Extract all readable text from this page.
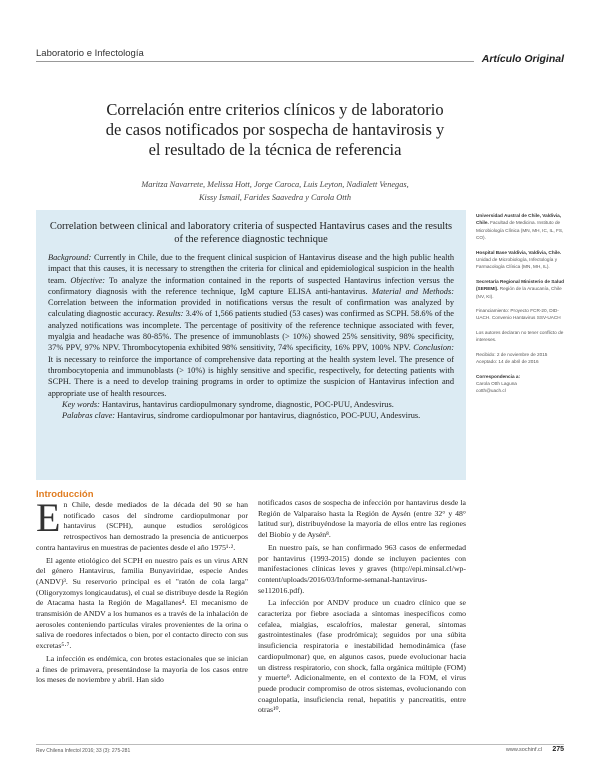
Laboratorio e Infectología	Artículo Original
Correlación entre criterios clínicos y de laboratorio
de casos notificados por sospecha de hantavirosis y
el resultado de la técnica de referencia
Maritza Navarrete, Melissa Hott, Jorge Caroca, Luis Leyton, Nadialett Venegas,
Kissy Ismail, Farides Saavedra y Carola Otth
Correlation between clinical and laboratory criteria of suspected Hantavirus cases and the results of the reference diagnostic technique
Background: Currently in Chile, due to the frequent clinical suspicion of Hantavirus disease and the high public health impact that this causes, it is necessary to strengthen the criteria for clinical and epidemiological suspicion in the health team. Objective: To analyze the information contained in the reports of suspected Hantavirus infection versus the confirmatory diagnosis with the reference technique, IgM capture ELISA anti-hantavirus. Material and Methods: Correlation between the information provided in notifications versus the result of confirmation was analyzed by calculating diagnostic accuracy. Results: 3.4% of 1,566 patients studied (53 cases) was confirmed as SCPH. 58.6% of the analyzed notifications was incomplete. The percentage of positivity of the reference technique associated with fever, myalgia and headache was 80-85%. The presence of immunoblasts (> 10%) showed 25% sensitivity, 98% specificity, 37% PPV, 97% NPV. Thrombocytopenia exhibited 98% sensitivity, 74% specificity, 16% PPV, 100% NPV. Conclusion: It is necessary to reinforce the importance of comprehensive data reporting at the health system level. The presence of thrombocytopenia and immunoblasts (> 10%) is highly sensitive and specific, respectively, for detecting patients with SCPH. There is a need to develop training programs in order to optimize the suspicion of Hantavirus infection and appropriate use of health resources.
Key words: Hantavirus, hantavirus cardiopulmonary syndrome, diagnostic, POC-PUU, Andesvirus.
Palabras clave: Hantavirus, síndrome cardiopulmonar por hantavirus, diagnóstico, POC-PUU, Andesvirus.

Universidad Austral de Chile, Valdivia, Chile. Facultad de Medicina. Instituto de Microbiología Clínica (MN, MH, IC, IL, FS, CO).

Hospital Base Valdivia, Valdivia, Chile. Unidad de Microbiología, Infectología y Farmacología Clínica (MN, MH, IL).

Secretaría Regional Ministerio de Salud (SEREMI). Región de la Araucanía, Chile (NV, KI).

Financiamiento: Proyecto FCR-20, DID-UACH. Convenio Hantavirus SSV-UACH

Los autores declaran no tener conflicto de intereses.

Recibido: 2 de noviembre de 2015
Aceptado: 14 de abril de 2016

Correspondencia a:
Carola Otth Laguna
cotth@uach.cl

Introducción

En Chile, desde mediados de la década del 90 se han notificado casos del síndrome cardiopulmonar por hantavirus (SCPH), aunque estudios serológicos retrospectivos han demostrado la presencia de anticuerpos contra hantavirus en muestras de pacientes desde el año 1975¹·².

El agente etiológico del SCPH en nuestro país es un virus ARN del género Hantavirus, familia Bunyaviridae, especie Andes (ANDV)³. Su reservorio principal es el "ratón de cola larga" (Oligoryzomys longicaudatus), el cual se distribuye desde la Región de Atacama hasta la Región de Magallanes⁴. El mecanismo de transmisión de ANDV a los humanos es a través de la inhalación de aerosoles conteniendo partículas virales provenientes de la orina o saliva de roedores infectados o bien, por el contacto directo con sus excretas⁵·⁷.

La infección es endémica, con brotes estacionales que se inician a fines de primavera, presentándose la mayoría de los casos entre los meses de noviembre y abril. Han sido

notificados casos de sospecha de infección por hantavirus desde la Región de Valparaíso hasta la Región de Aysén (entre 32° y 48° latitud sur), distribuyéndose la mayoría de ellos entre las regiones del Biobío y de Aysén⁸.

En nuestro país, se han confirmado 963 casos de enfermedad por hantavirus (1993-2015) donde se incluyen pacientes con manifestaciones clínicas leves y graves (http://epi.minsal.cl/wp-content/uploads/2016/03/Informe-semanal-hantavirus-se112016.pdf).

La infección por ANDV produce un cuadro clínico que se caracteriza por fiebre asociada a síntomas inespecíficos como cefalea, mialgias, escalofríos, malestar general, síntomas gastrointestinales (fase prodrómica); seguidos por una súbita insuficiencia respiratoria e inestabilidad hemodinámica (fase cardiopulmonar) que, en algunos casos, puede evolucionar hacia un distress respiratorio, con shock, falla orgánica múltiple (FOM) y muerte⁹. Adicionalmente, en el contexto de la FOM, el virus puede producir compromiso de otros sistemas, evolucionando con coagulopatía, insuficiencia renal, hepatitis y pancreatitis, entre otras¹⁰.

Rev Chilena Infectol 2016; 33 (3): 275-281	www.sochinf.cl 275
